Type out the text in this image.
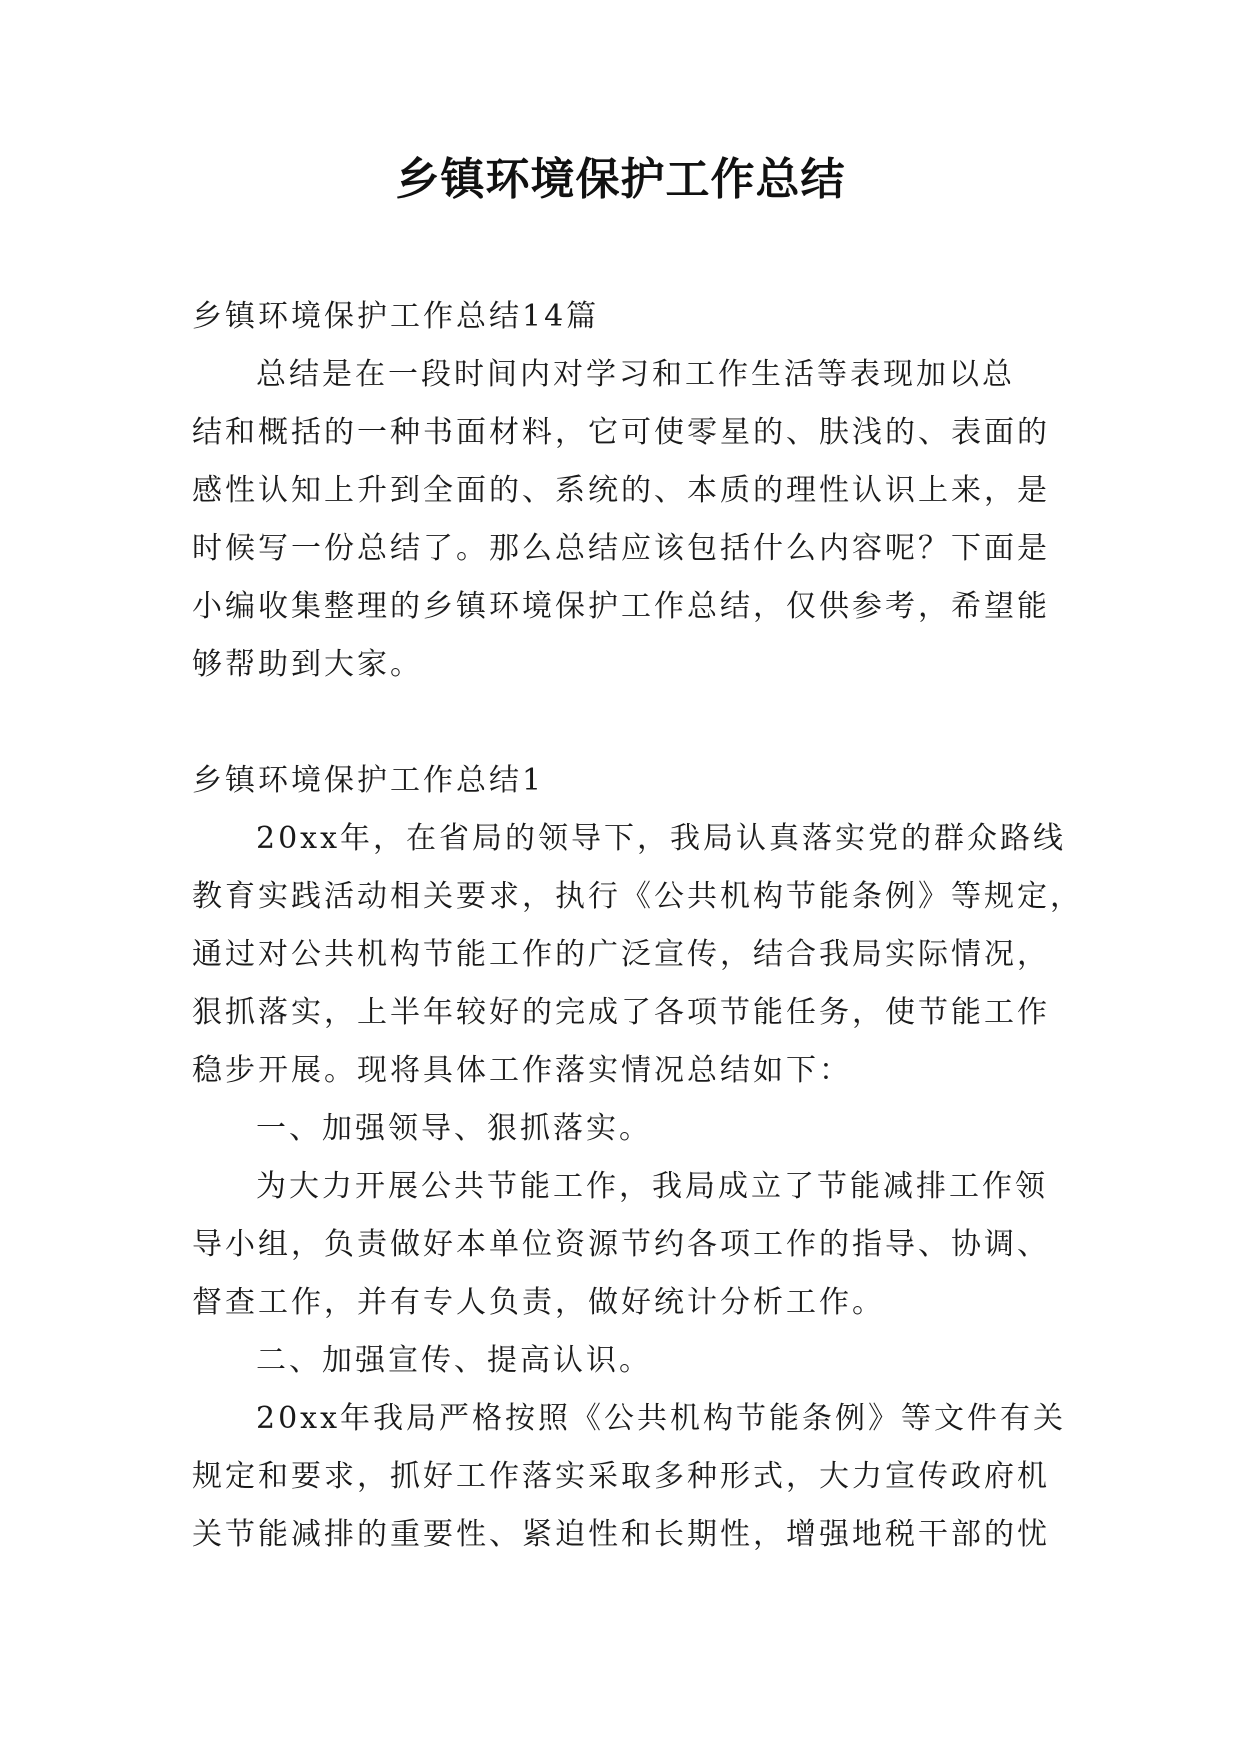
乡镇环境保护工作总结
乡镇环境保护工作总结14篇
总结是在一段时间内对学习和工作生活等表现加以总
结和概括的一种书面材料，它可使零星的、肤浅的、表面的
感性认知上升到全面的、系统的、本质的理性认识上来，是
时候写一份总结了。那么总结应该包括什么内容呢？下面是
小编收集整理的乡镇环境保护工作总结，仅供参考，希望能
够帮助到大家。
乡镇环境保护工作总结1
20xx年，在省局的领导下，我局认真落实党的群众路线
教育实践活动相关要求，执行《公共机构节能条例》等规定，
通过对公共机构节能工作的广泛宣传，结合我局实际情况，
狠抓落实，上半年较好的完成了各项节能任务，使节能工作
稳步开展。现将具体工作落实情况总结如下：
一、加强领导、狠抓落实。
为大力开展公共节能工作，我局成立了节能减排工作领
导小组，负责做好本单位资源节约各项工作的指导、协调、
督查工作，并有专人负责，做好统计分析工作。
二、加强宣传、提高认识。
20xx年我局严格按照《公共机构节能条例》等文件有关
规定和要求，抓好工作落实采取多种形式，大力宣传政府机
关节能减排的重要性、紧迫性和长期性，增强地税干部的忧
